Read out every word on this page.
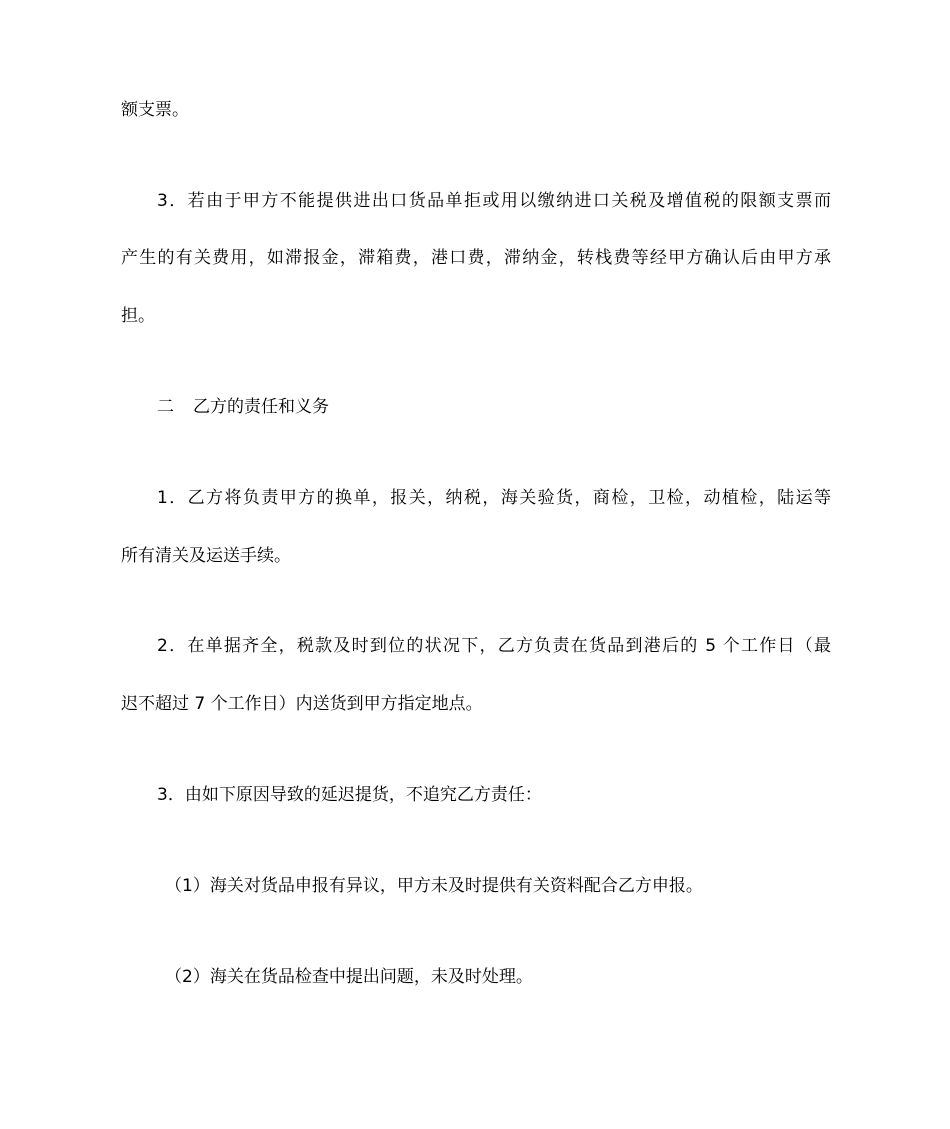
额支票。
3．若由于甲方不能提供进出口货品单拒或用以缴纳进口关税及增值税的限额支票而
产生的有关费用，如滞报金，滞箱费，港口费，滞纳金，转栈费等经甲方确认后由甲方承
担。
二 乙方的责任和义务
1．乙方将负责甲方的换单，报关，纳税，海关验货，商检，卫检，动植检，陆运等
所有清关及运送手续。
2．在单据齐全，税款及时到位的状况下，乙方负责在货品到港后的 5 个工作日（最
迟不超过 7 个工作日）内送货到甲方指定地点。
3．由如下原因导致的延迟提货，不追究乙方责任：
（1）海关对货品申报有异议，甲方未及时提供有关资料配合乙方申报。
（2）海关在货品检查中提出问题，未及时处理。
